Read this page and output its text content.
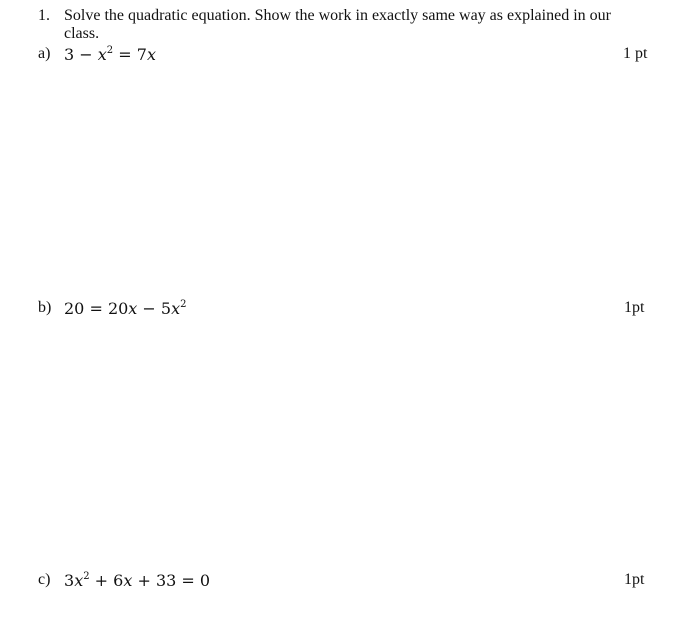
1. Solve the quadratic equation. Show the work in exactly same way as explained in our
class.
a) $3 - x^2 = 7x$	1 pt
b) $20 = 20x - 5x^2$	1pt
c) $3x^2 + 6x + 33 = 0$	1pt
